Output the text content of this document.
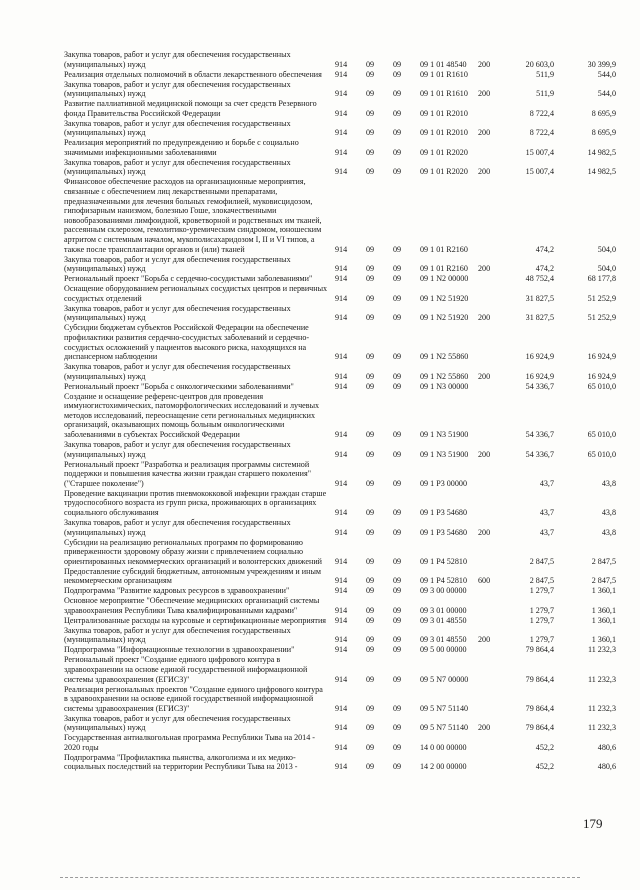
Закупка товаров, работ и услуг для обеспечения государственных (муниципальных) нужд	914 09 09 09 1 01 48540 200	20 603,0	30 399,9
Реализация отдельных полномочий в области лекарственного обеспечения	914 09 09 09 1 01 R1610	511,9	544,0
Закупка товаров, работ и услуг для обеспечения государственных (муниципальных) нужд	914 09 09 09 1 01 R1610 200	511,9	544,0
Развитие паллиативной медицинской помощи за счет средств Резервного фонда Правительства Российской Федерации	914 09 09 09 1 01 R2010	8 722,4	8 695,9
Закупка товаров, работ и услуг для обеспечения государственных (муниципальных) нужд	914 09 09 09 1 01 R2010 200	8 722,4	8 695,9
Реализация мероприятий по предупреждению и борьбе с социально значимыми инфекционными заболеваниями	914 09 09 09 1 01 R2020	15 007,4	14 982,5
Закупка товаров, работ и услуг для обеспечения государственных (муниципальных) нужд	914 09 09 09 1 01 R2020 200	15 007,4	14 982,5
Финансовое обеспечение расходов на организационные мероприятия, связанные с обеспечением лиц лекарственными препаратами, предназначенными для лечения больных гемофилией, муковисцидозом, гипофизарным нанизмом, болезнью Гоше, злокачественными новообразованиями лимфоидной, кроветворной и родственных им тканей, рассеянным склерозом, гемолитико-уремическим синдромом, юношеским артритом с системным началом, мукополисахаридозом I, II и VI типов, а также после трансплантации органов и (или) тканей	914 09 09 09 1 01 R2160	474,2	504,0
Закупка товаров, работ и услуг для обеспечения государственных (муниципальных) нужд	914 09 09 09 1 01 R2160 200	474,2	504,0
Региональный проект "Борьба с сердечно-сосудистыми заболеваниями"	914 09 09 09 1 N2 00000	48 752,4	68 177,8
Оснащение оборудованием региональных сосудистых центров и первичных сосудистых отделений	914 09 09 09 1 N2 51920	31 827,5	51 252,9
Закупка товаров, работ и услуг для обеспечения государственных (муниципальных) нужд	914 09 09 09 1 N2 51920 200	31 827,5	51 252,9
Субсидии бюджетам субъектов Российской Федерации на обеспечение профилактики развития сердечно-сосудистых заболеваний и сердечно-сосудистых осложнений у пациентов высокого риска, находящихся на диспансерном наблюдении	914 09 09 09 1 N2 55860	16 924,9	16 924,9
Закупка товаров, работ и услуг для обеспечения государственных (муниципальных) нужд	914 09 09 09 1 N2 55860 200	16 924,9	16 924,9
Региональный проект "Борьба с онкологическими заболеваниями"	914 09 09 09 1 N3 00000	54 336,7	65 010,0
Создание и оснащение референс-центров для проведения иммуногистохимических, патоморфологических исследований и лучевых методов исследований, переоснащение сети региональных медицинских организаций, оказывающих помощь больным онкологическими заболеваниями в субъектах Российской Федерации	914 09 09 09 1 N3 51900	54 336,7	65 010,0
Закупка товаров, работ и услуг для обеспечения государственных (муниципальных) нужд	914 09 09 09 1 N3 51900 200	54 336,7	65 010,0
Региональный проект "Разработка и реализация программы системной поддержки и повышения качества жизни граждан старшего поколения" ("Старшее поколение")	914 09 09 09 1 P3 00000	43,7	43,8
Проведение вакцинации против пневмококковой инфекции граждан старше трудоспособного возраста из групп риска, проживающих в организациях социального обслуживания	914 09 09 09 1 P3 54680	43,7	43,8
Закупка товаров, работ и услуг для обеспечения государственных (муниципальных) нужд	914 09 09 09 1 P3 54680 200	43,7	43,8
Субсидии на реализацию региональных программ по формированию приверженности здоровому образу жизни с привлечением социально ориентированных некоммерческих организаций и волонтерских движений	914 09 09 09 1 P4 52810	2 847,5	2 847,5
Предоставление субсидий бюджетным, автономным учреждениям и иным некоммерческим организациям	914 09 09 09 1 P4 52810 600	2 847,5	2 847,5
Подпрограмма "Развитие кадровых ресурсов в здравоохранении"	914 09 09 09 3 00 00000	1 279,7	1 360,1
Основное мероприятие "Обеспечение медицинских организаций системы здравоохранения Республики Тыва квалифицированными кадрами"	914 09 09 09 3 01 00000	1 279,7	1 360,1
Централизованные расходы на курсовые и сертификационные мероприятия 914 09 09 09 3 01 48550	1 279,7	1 360,1
Закупка товаров, работ и услуг для обеспечения государственных (муниципальных) нужд	914 09 09 09 3 01 48550 200	1 279,7	1 360,1
Подпрограмма "Информационные технологии в здравоохранении"	914 09 09 09 5 00 00000	79 864,4	11 232,3
Региональный проект "Создание единого цифрового контура в здравоохранении на основе единой государственной информационной системы здравоохранения (ЕГИСЗ)"	914 09 09 09 5 N7 00000	79 864,4	11 232,3
Реализация региональных проектов "Создание единого цифрового контура в здравоохранении на основе единой государственной информационной системы здравоохранения (ЕГИСЗ)"	914 09 09 09 5 N7 51140	79 864,4	11 232,3
Закупка товаров, работ и услуг для обеспечения государственных (муниципальных) нужд	914 09 09 09 5 N7 51140 200	79 864,4	11 232,3
Государственная антиалкогольная программа Республики Тыва на 2014 - 2020 годы	914 09 09 14 0 00 00000	452,2	480,6
Подпрограмма "Профилактика пьянства, алкоголизма и их медико-социальных последствий на территории Республики Тыва на 2013 -	914 09 09 14 2 00 00000	452,2	480,6
179
